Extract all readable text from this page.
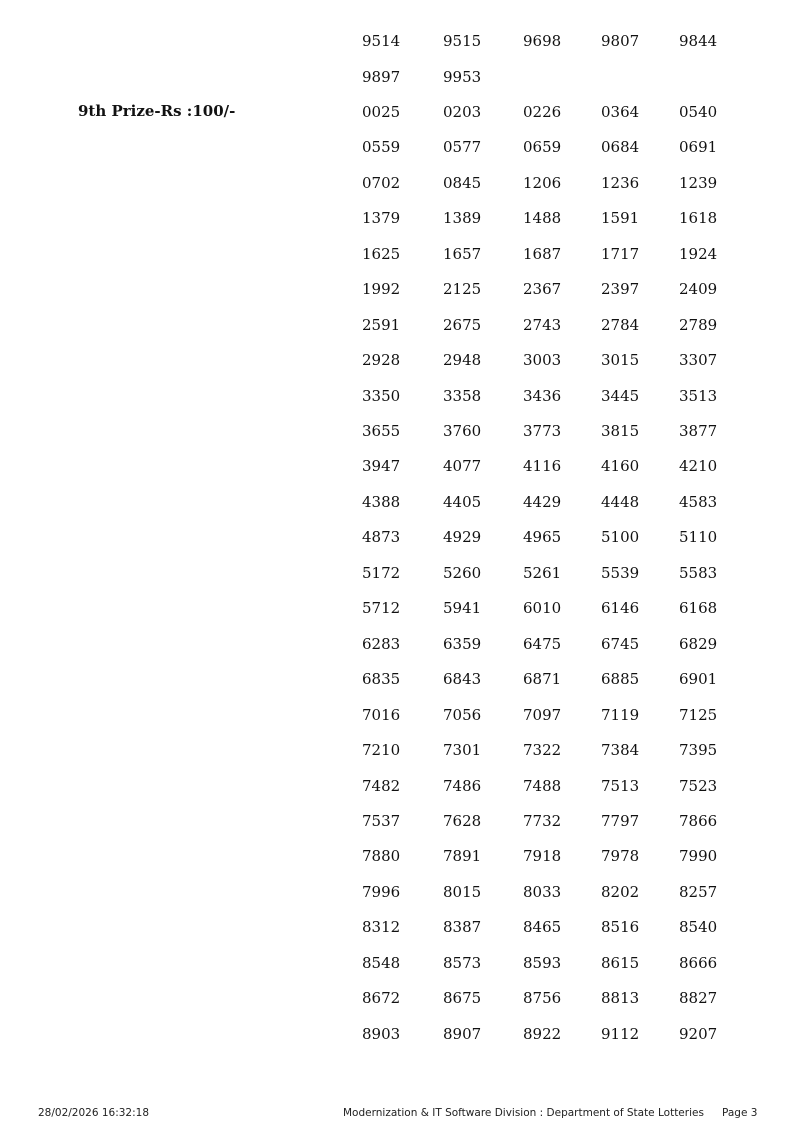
9th Prize-Rs :100/-
9514	9515	9698	9807	9844
9897	9953
0025	0203	0226	0364	0540
0559	0577	0659	0684	0691
0702	0845	1206	1236	1239
1379	1389	1488	1591	1618
1625	1657	1687	1717	1924
1992	2125	2367	2397	2409
2591	2675	2743	2784	2789
2928	2948	3003	3015	3307
3350	3358	3436	3445	3513
3655	3760	3773	3815	3877
3947	4077	4116	4160	4210
4388	4405	4429	4448	4583
4873	4929	4965	5100	5110
5172	5260	5261	5539	5583
5712	5941	6010	6146	6168
6283	6359	6475	6745	6829
6835	6843	6871	6885	6901
7016	7056	7097	7119	7125
7210	7301	7322	7384	7395
7482	7486	7488	7513	7523
7537	7628	7732	7797	7866
7880	7891	7918	7978	7990
7996	8015	8033	8202	8257
8312	8387	8465	8516	8540
8548	8573	8593	8615	8666
8672	8675	8756	8813	8827
8903	8907	8922	9112	9207
28/02/2026 16:32:18	Modernization & IT Software Division : Department of State Lotteries Page 3
